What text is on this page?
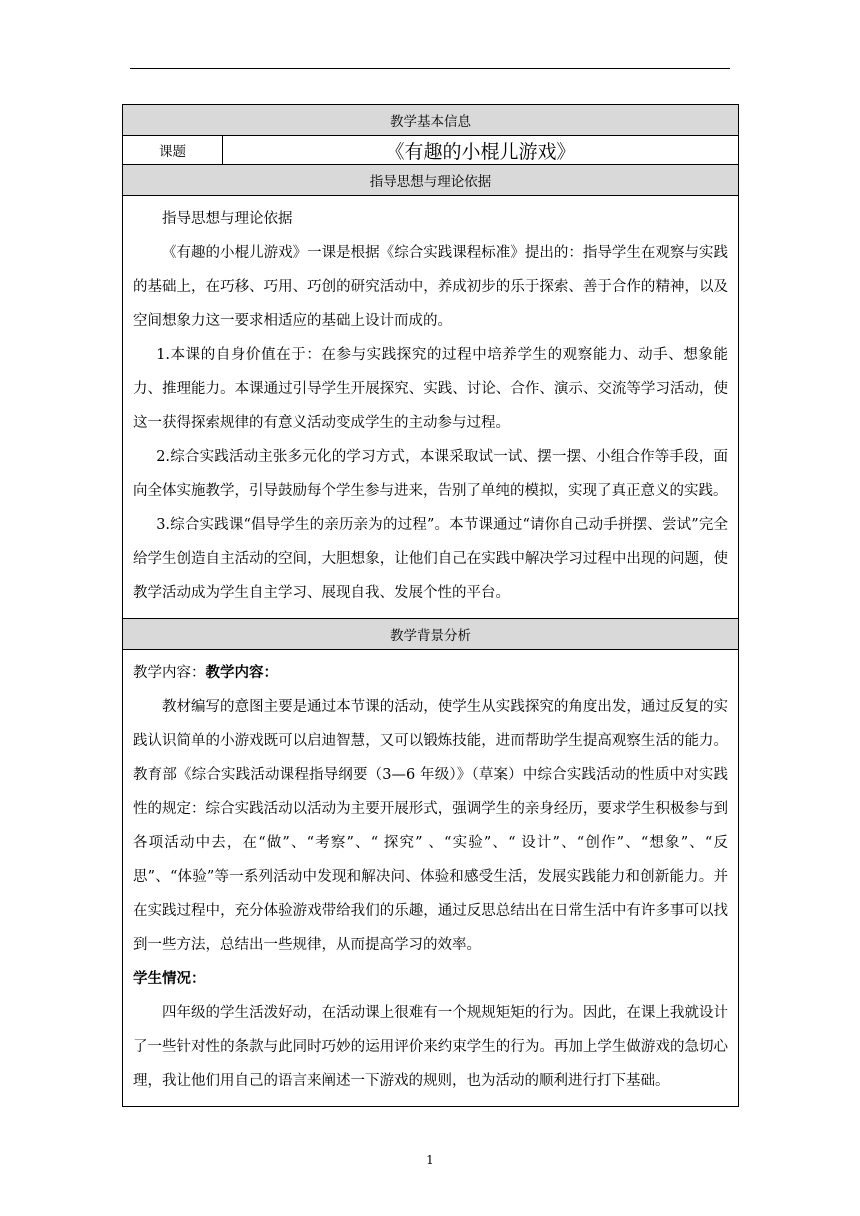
教学基本信息
课题	《有趣的小棍儿游戏》
指导思想与理论依据

指导思想与理论依据

《有趣的小棍儿游戏》一课是根据《综合实践课程标准》提出的：指导学生在观察与实践的基础上，在巧移、巧用、巧创的研究活动中，养成初步的乐于探索、善于合作的精神，以及空间想象力这一要求相适应的基础上设计而成的。

1.本课的自身价值在于：在参与实践探究的过程中培养学生的观察能力、动手、想象能力、推理能力。本课通过引导学生开展探究、实践、讨论、合作、演示、交流等学习活动，使这一获得探索规律的有意义活动变成学生的主动参与过程。

2.综合实践活动主张多元化的学习方式，本课采取试一试、摆一摆、小组合作等手段，面向全体实施教学，引导鼓励每个学生参与进来，告别了单纯的模拟，实现了真正意义的实践。

3.综合实践课“倡导学生的亲历亲为的过程”。本节课通过“请你自己动手拼摆、尝试”完全给学生创造自主活动的空间，大胆想象，让他们自己在实践中解决学习过程中出现的问题，使教学活动成为学生自主学习、展现自我、发展个性的平台。

教学背景分析

教学内容：教学内容：

教材编写的意图主要是通过本节课的活动，使学生从实践探究的角度出发，通过反复的实践认识简单的小游戏既可以启迪智慧，又可以锻炼技能，进而帮助学生提高观察生活的能力。教育部《综合实践活动课程指导纲要（3—6 年级）》（草案）中综合实践活动的性质中对实践性的规定：综合实践活动以活动为主要开展形式，强调学生的亲身经历，要求学生积极参与到各项活动中去，在“做”、“考察”、“ 探究” 、“实验”、“ 设计”、“创作”、“想象”、“反思”、“体验”等一系列活动中发现和解决问、体验和感受生活，发展实践能力和创新能力。并在实践过程中，充分体验游戏带给我们的乐趣，通过反思总结出在日常生活中有许多事可以找到一些方法，总结出一些规律，从而提高学习的效率。

学生情况：

四年级的学生活泼好动，在活动课上很难有一个规规矩矩的行为。因此，在课上我就设计了一些针对性的条款与此同时巧妙的运用评价来约束学生的行为。再加上学生做游戏的急切心理，我让他们用自己的语言来阐述一下游戏的规则，也为活动的顺利进行打下基础。

1
